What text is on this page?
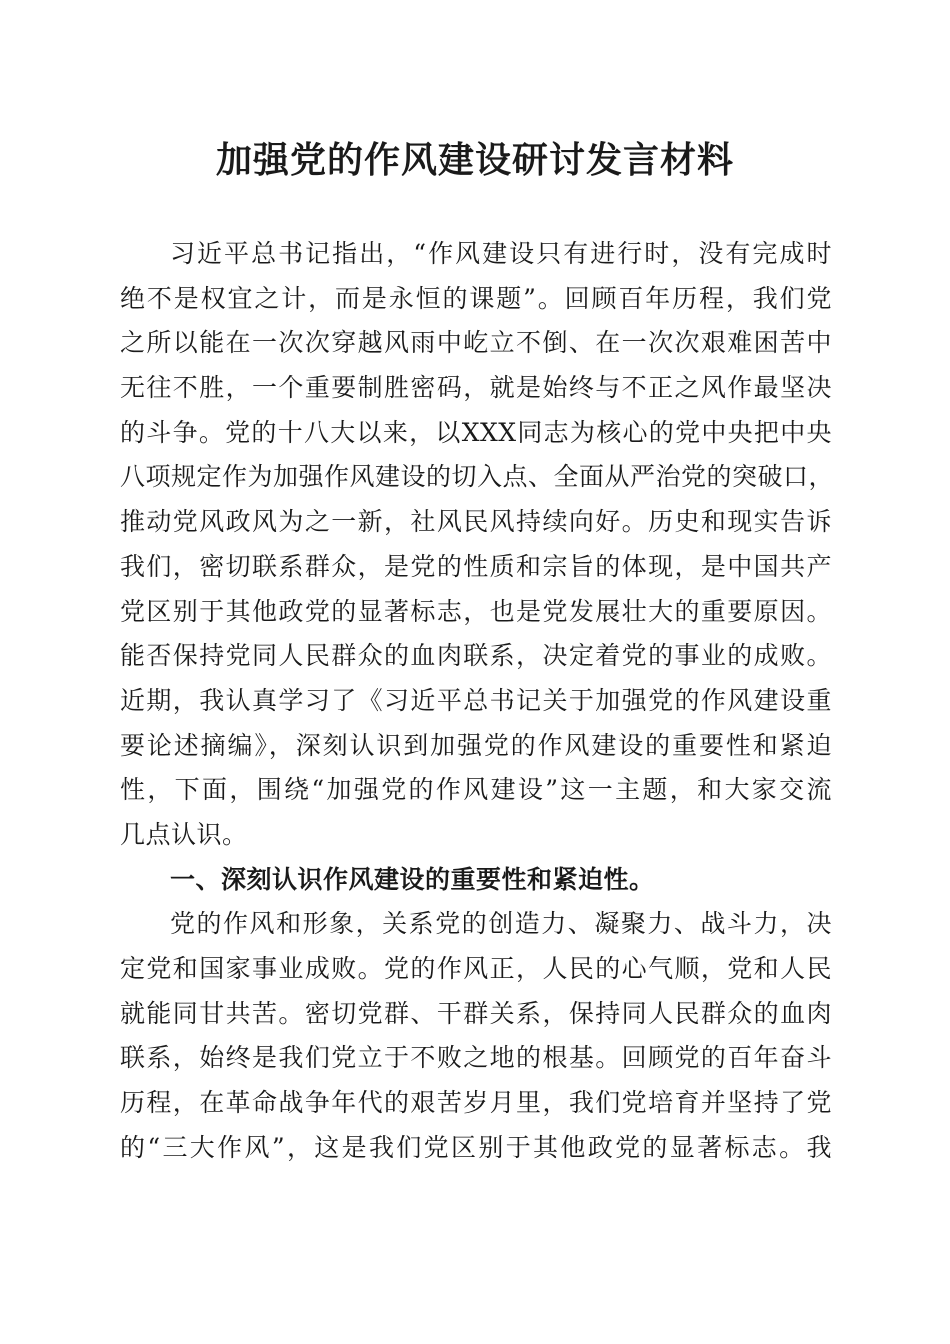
加强党的作风建设研讨发言材料
习近平总书记指出，“作风建设只有进行时，没有完成时
绝不是权宜之计，而是永恒的课题”。回顾百年历程，我们党
之所以能在一次次穿越风雨中屹立不倒、在一次次艰难困苦中
无往不胜，一个重要制胜密码，就是始终与不正之风作最坚决
的斗争。党的十八大以来，以XXX同志为核心的党中央把中央
八项规定作为加强作风建设的切入点、全面从严治党的突破口，
推动党风政风为之一新，社风民风持续向好。历史和现实告诉
我们，密切联系群众，是党的性质和宗旨的体现，是中国共产
党区别于其他政党的显著标志，也是党发展壮大的重要原因。
能否保持党同人民群众的血肉联系，决定着党的事业的成败。
近期，我认真学习了《习近平总书记关于加强党的作风建设重
要论述摘编》，深刻认识到加强党的作风建设的重要性和紧迫
性，下面，围绕“加强党的作风建设”这一主题，和大家交流
几点认识。
一、深刻认识作风建设的重要性和紧迫性。
党的作风和形象，关系党的创造力、凝聚力、战斗力，决
定党和国家事业成败。党的作风正，人民的心气顺，党和人民
就能同甘共苦。密切党群、干群关系，保持同人民群众的血肉
联系，始终是我们党立于不败之地的根基。回顾党的百年奋斗
历程，在革命战争年代的艰苦岁月里，我们党培育并坚持了党
的“三大作风”，这是我们党区别于其他政党的显著标志。我
